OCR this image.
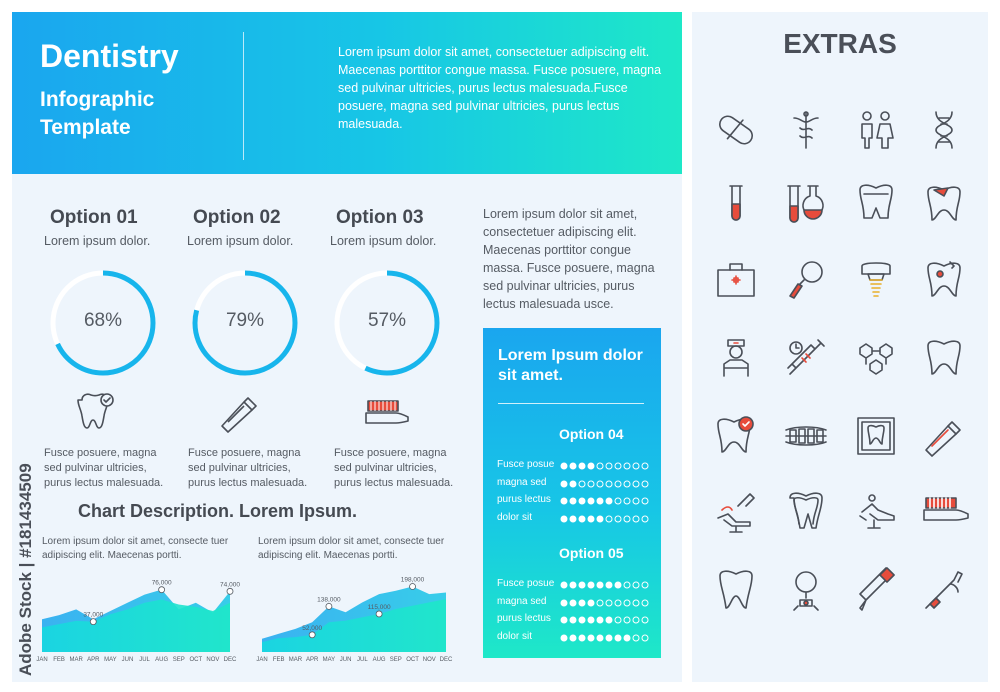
Dentistry
Infographic Template
Lorem ipsum dolor sit amet, consectetuer adipiscing elit. Maecenas porttitor congue massa. Fusce posuere, magna sed pulvinar ultricies, purus lectus malesuada.Fusce posuere, magna sed pulvinar ultricies, purus lectus malesuada.
Option 01
Lorem ipsum dolor.
Option 02
Lorem ipsum dolor.
Option 03
Lorem ipsum dolor.
68%	79%	57%
Fusce posuere, magna sed pulvinar ultricies, purus lectus malesuada.
Fusce posuere, magna sed pulvinar ultricies, purus lectus malesuada.
Fusce posuere, magna sed pulvinar ultricies, purus lectus malesuada.
Lorem ipsum dolor sit amet, consectetuer adipiscing elit. Maecenas porttitor congue massa. Fusce posuere, magna sed pulvinar ultricies, purus lectus malesuada usce.
Lorem Ipsum dolor sit amet.
Option 04
Option 05
Fusce posue
magna sed
purus lectus
dolor sit
Fusce posue
magna sed
purus lectus
dolor sit
Chart Description. Lorem Ipsum.
Lorem ipsum dolor sit amet, consecte tuer adipiscing elit. Maecenas portti.
Lorem ipsum dolor sit amet, consecte tuer adipiscing elit. Maecenas portti.
JAN FEB MAR APR MAY JUN JUL AUG SEP OCT NOV DEC
37,000
76,000	74,000
JAN FEB MAR APR MAY JUN JUL AUG SEP OCT NOV DEC
52,000
138,000
115,000
198,000
EXTRAS
Adobe Stock | #181434509
